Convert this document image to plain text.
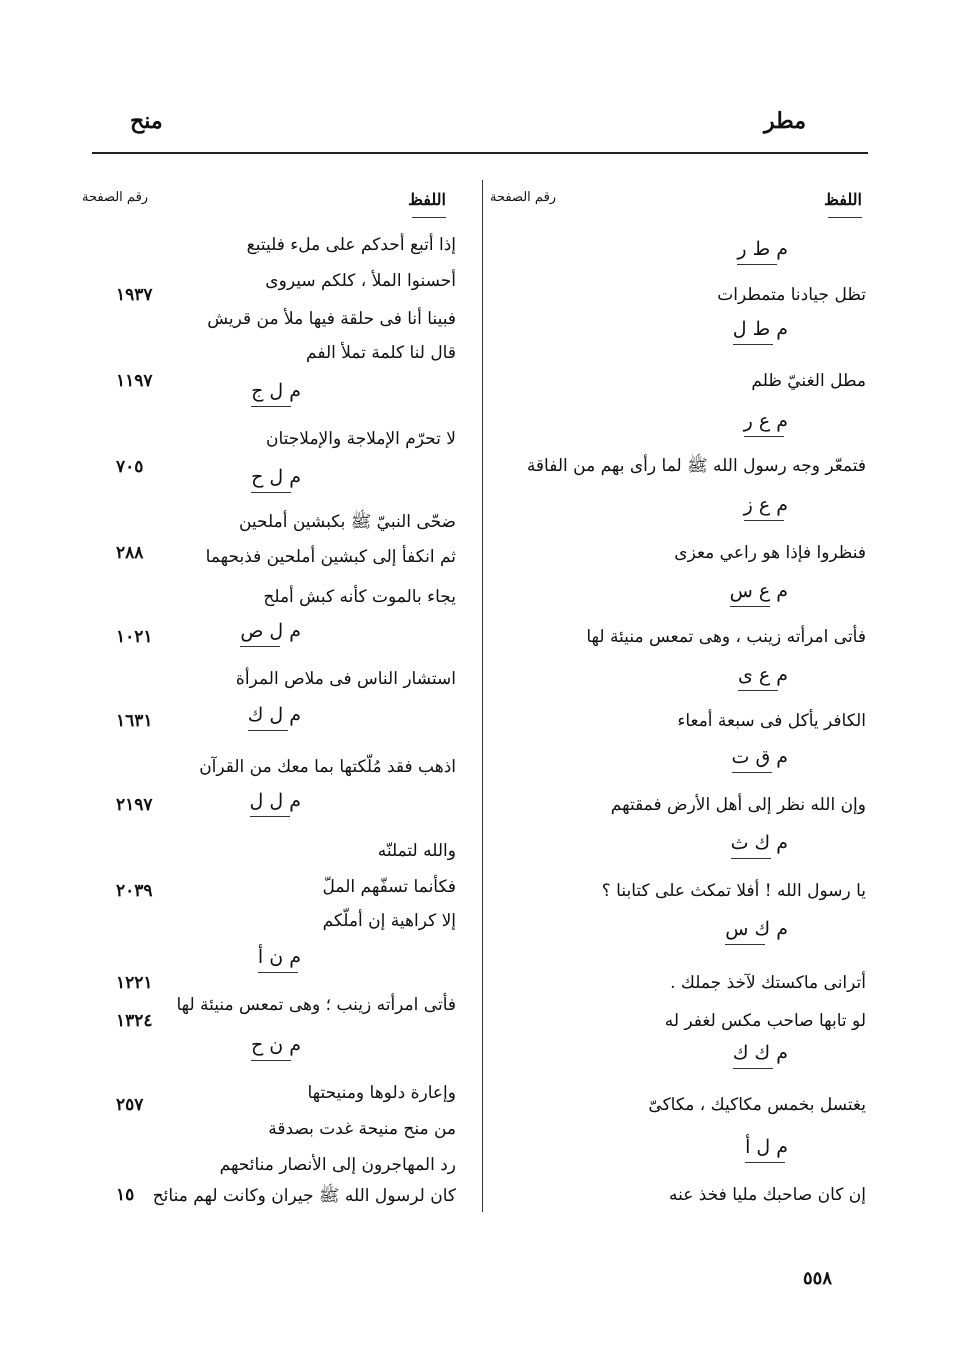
مطر
منح
اللفظ
رقم الصفحة
اللفظ
رقم الصفحة
م ط ر
تظل جيادنا متمطرات
١٩٣٧
م ط ل
مطل الغنيّ ظلم
١١٩٧
م ع ر
فتمعّر وجه رسول الله ﷺ لما رأى بهم من الفاقة
٧٠٥
م ع ز
فنظروا فإذا هو راعي معزى
٢٨٨
م ع س
فأتى امرأته زينب ، وهى تمعس منيئة لها
١٠٢١
م ع ى
الكافر يأكل فى سبعة أمعاء
١٦٣١
م ق ت
وإن الله نظر إلى أهل الأرض فمقتهم
٢١٩٧
م ك ث
يا رسول الله ! أفلا تمكث على كتابنا ؟
٢٠٣٩
م ك س
أترانى ماكستك لآخذ جملك .
١٢٢١
لو تابها صاحب مكس لغفر له
١٣٢٤
م ك ك
يغتسل بخمس مكاكيك ، مكاكىّ
٢٥٧
م ل أ
إن كان صاحبك مليا فخذ عنه
١٥
إذا أتبع أحدكم على ملء فليتبع
أحسنوا الملأ ، كلكم سيروى
فبينا أنا فى حلقة فيها ملأ من قريش
قال لنا كلمة تملأ الفم
م ل ج
لا تحرّم الإملاجة والإملاجتان
م ل ح
ضحّى النبيّ ﷺ بكبشين أملحين
ثم انكفأ إلى كبشين أملحين فذبحهما
يجاء بالموت كأنه كبش أملح
م ل ص
استشار الناس فى ملاص المرأة
م ل ك
اذهب فقد مُلّكتها بما معك من القرآن
م ل ل
والله لتملنّه
فكأنما تسفّهم الملّ
إلا كراهية إن أملّكم
م ن أ
فأتى امرأته زينب ؛ وهى تمعس منيئة لها
م ن ح
وإعارة دلوها ومنيحتها
من منح منيحة غدت بصدقة
رد المهاجرون إلى الأنصار منائحهم
كان لرسول الله ﷺ جيران وكانت لهم منائح
٥٥٨
